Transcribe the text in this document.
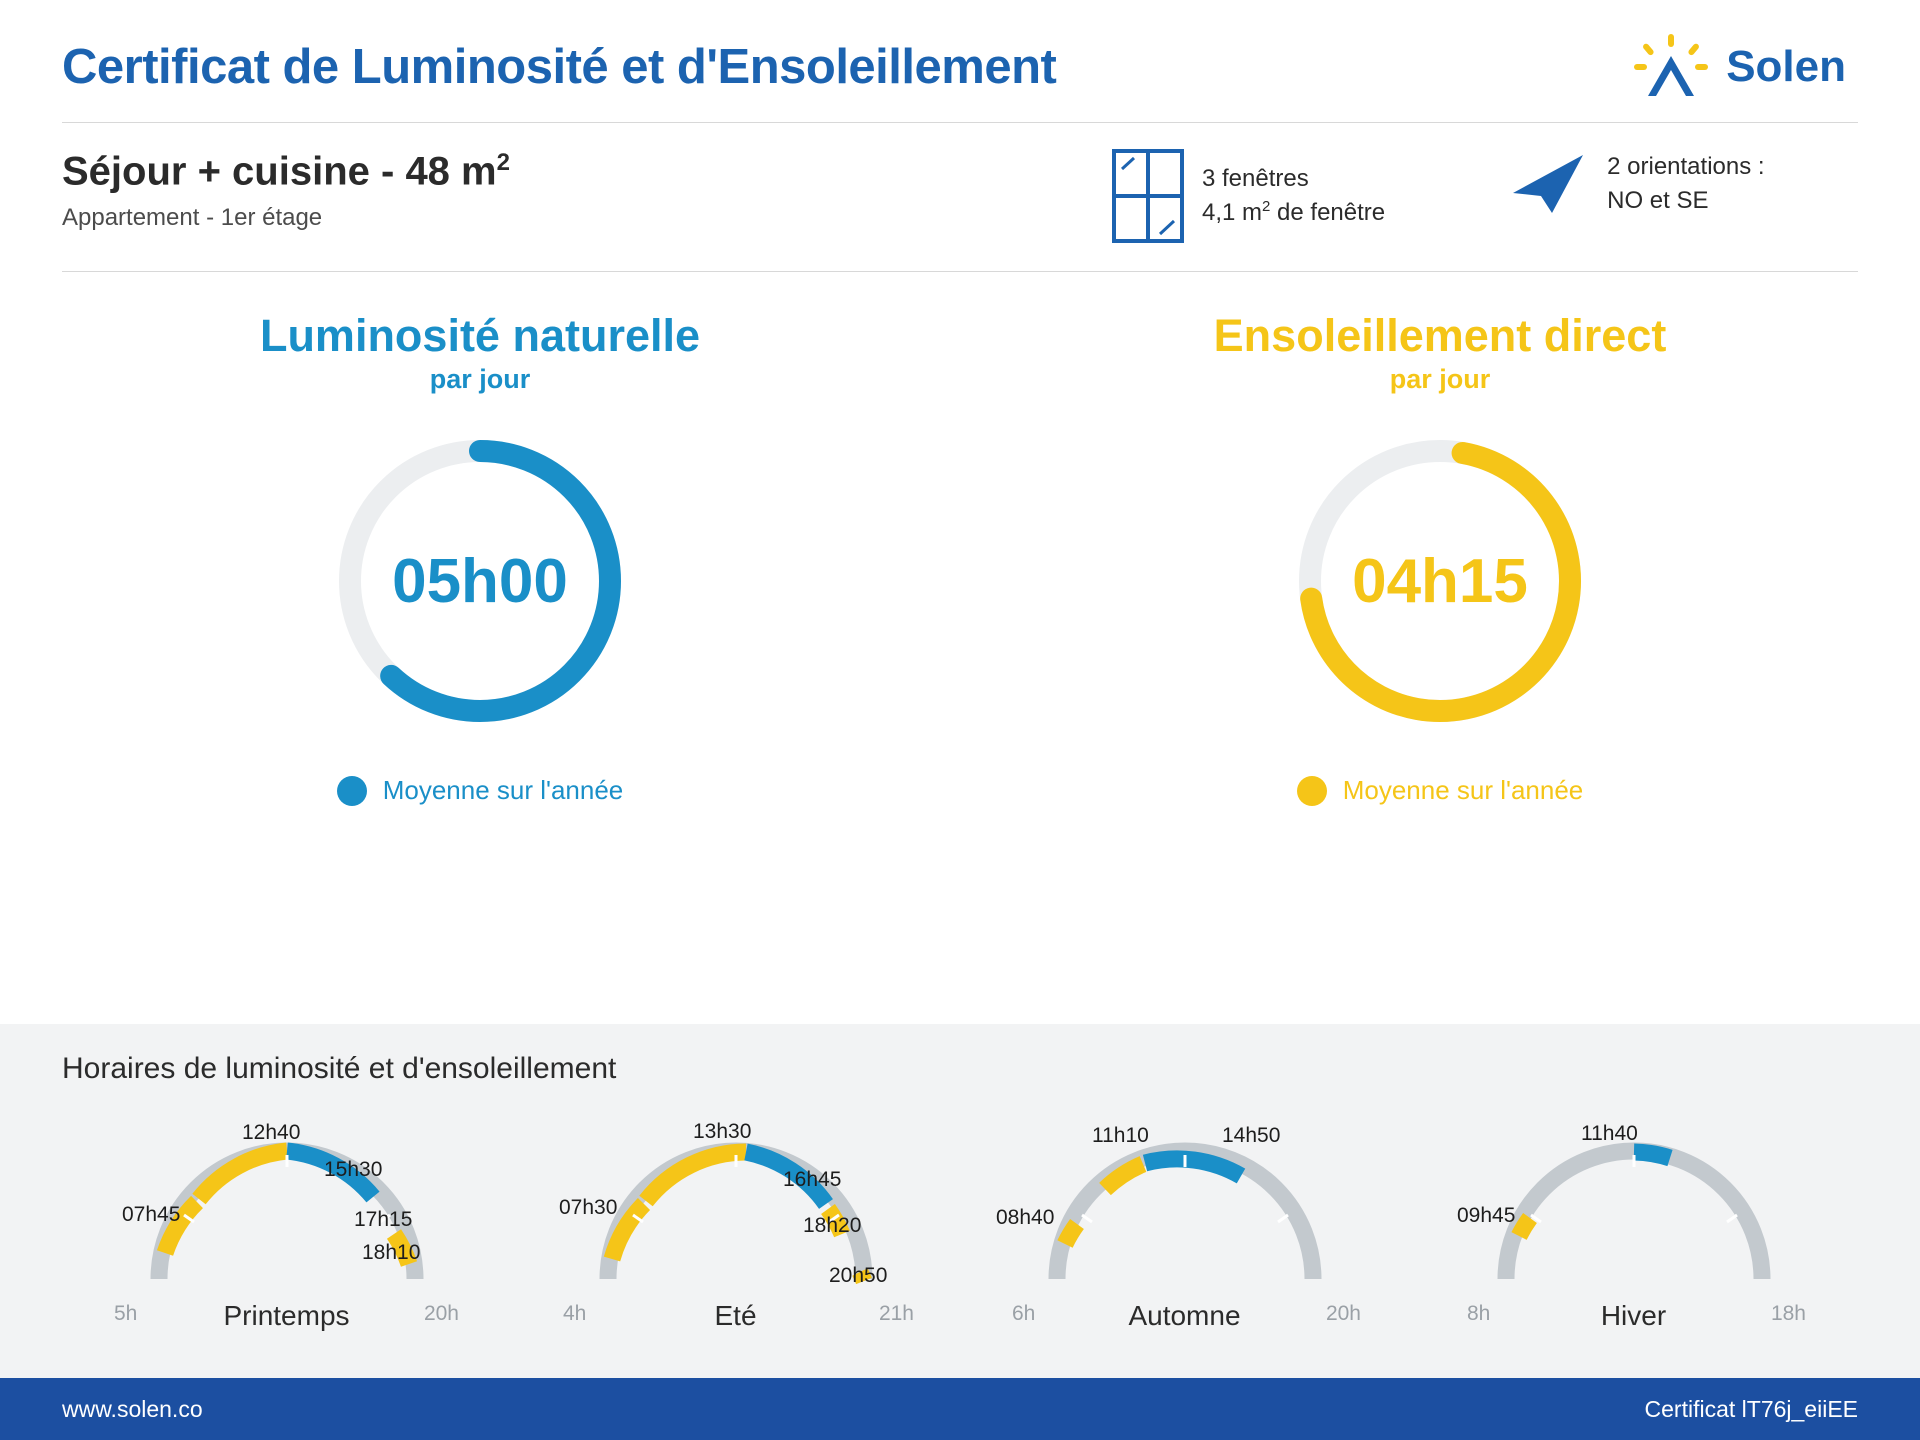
Certificat de Luminosité et d'Ensoleillement	Solen
Séjour + cuisine - 48 $m^2$
Appartement - 1er étage
3 fenêtres
4,1 $m^2$ de fenêtre
2 orientations :
NO et SE
Luminosité naturelle
par jour
05h00
Moyenne sur l'année
Ensoleillement direct
par jour
04h15
Moyenne sur l'année
Horaires de luminosité et d'ensoleillement
07h45
12h40
15h30
17h15
18h10
5h	20h
Printemps
07h30
13h30
16h45
18h20
20h50
4h	21h
Eté
08h40
11h10	14h50
6h	20h
Automne
09h45
11h40
8h	18h
Hiver
www.solen.co	Certificat lT76j_eiiEE
